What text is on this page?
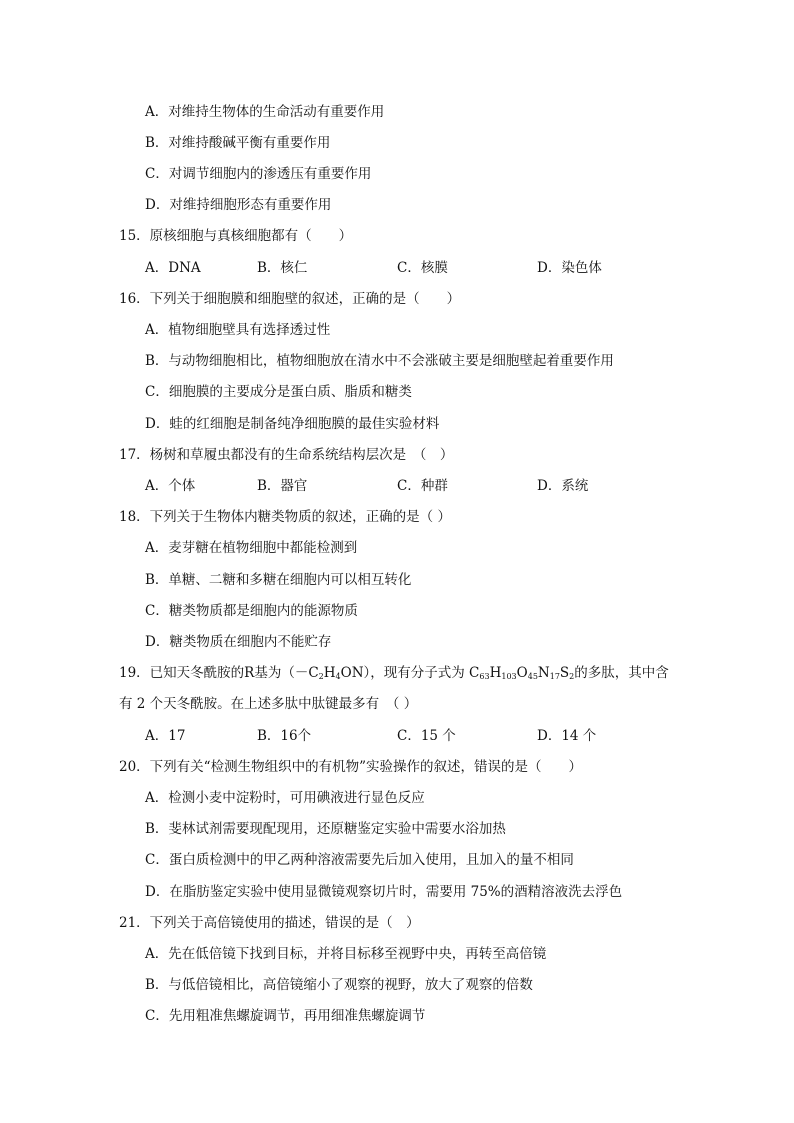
A．对维持生物体的生命活动有重要作用
B．对维持酸碱平衡有重要作用
C．对调节细胞内的渗透压有重要作用
D．对维持细胞形态有重要作用
15．原核细胞与真核细胞都有（　　）
A．DNA	B．核仁	C．核膜	D．染色体
16．下列关于细胞膜和细胞壁的叙述，正确的是（　　）
A．植物细胞壁具有选择透过性
B．与动物细胞相比，植物细胞放在清水中不会涨破主要是细胞壁起着重要作用
C．细胞膜的主要成分是蛋白质、脂质和糖类
D．蛙的红细胞是制备纯净细胞膜的最佳实验材料
17．杨树和草履虫都没有的生命系统结构层次是　（　）
A．个体	B．器官	C．种群	D．系统
18．下列关于生物体内糖类物质的叙述，正确的是（ ）
A．麦芽糖在植物细胞中都能检测到
B．单糖、二糖和多糖在细胞内可以相互转化
C．糖类物质都是细胞内的能源物质
D．糖类物质在细胞内不能贮存
19．已知天冬酰胺的R基为$(-C_2H_4ON)$，现有分子式为 $C_{63}H_{103}O_{45}N_{17}S_2$的多肽，其中含
有 2 个天冬酰胺。在上述多肽中肽键最多有　（ ）
A．17	B．16个	C．15 个	D．14 个
20．下列有关“检测生物组织中的有机物”实验操作的叙述，错误的是（　　）
A．检测小麦中淀粉时，可用碘液进行显色反应
B．斐林试剂需要现配现用，还原糖鉴定实验中需要水浴加热
C．蛋白质检测中的甲乙两种溶液需要先后加入使用，且加入的量不相同
D．在脂肪鉴定实验中使用显微镜观察切片时，需要用 75%的酒精溶液洗去浮色
21．下列关于高倍镜使用的描述，错误的是（　）
A．先在低倍镜下找到目标，并将目标移至视野中央，再转至高倍镜
B．与低倍镜相比，高倍镜缩小了观察的视野，放大了观察的倍数
C．先用粗准焦螺旋调节，再用细准焦螺旋调节
